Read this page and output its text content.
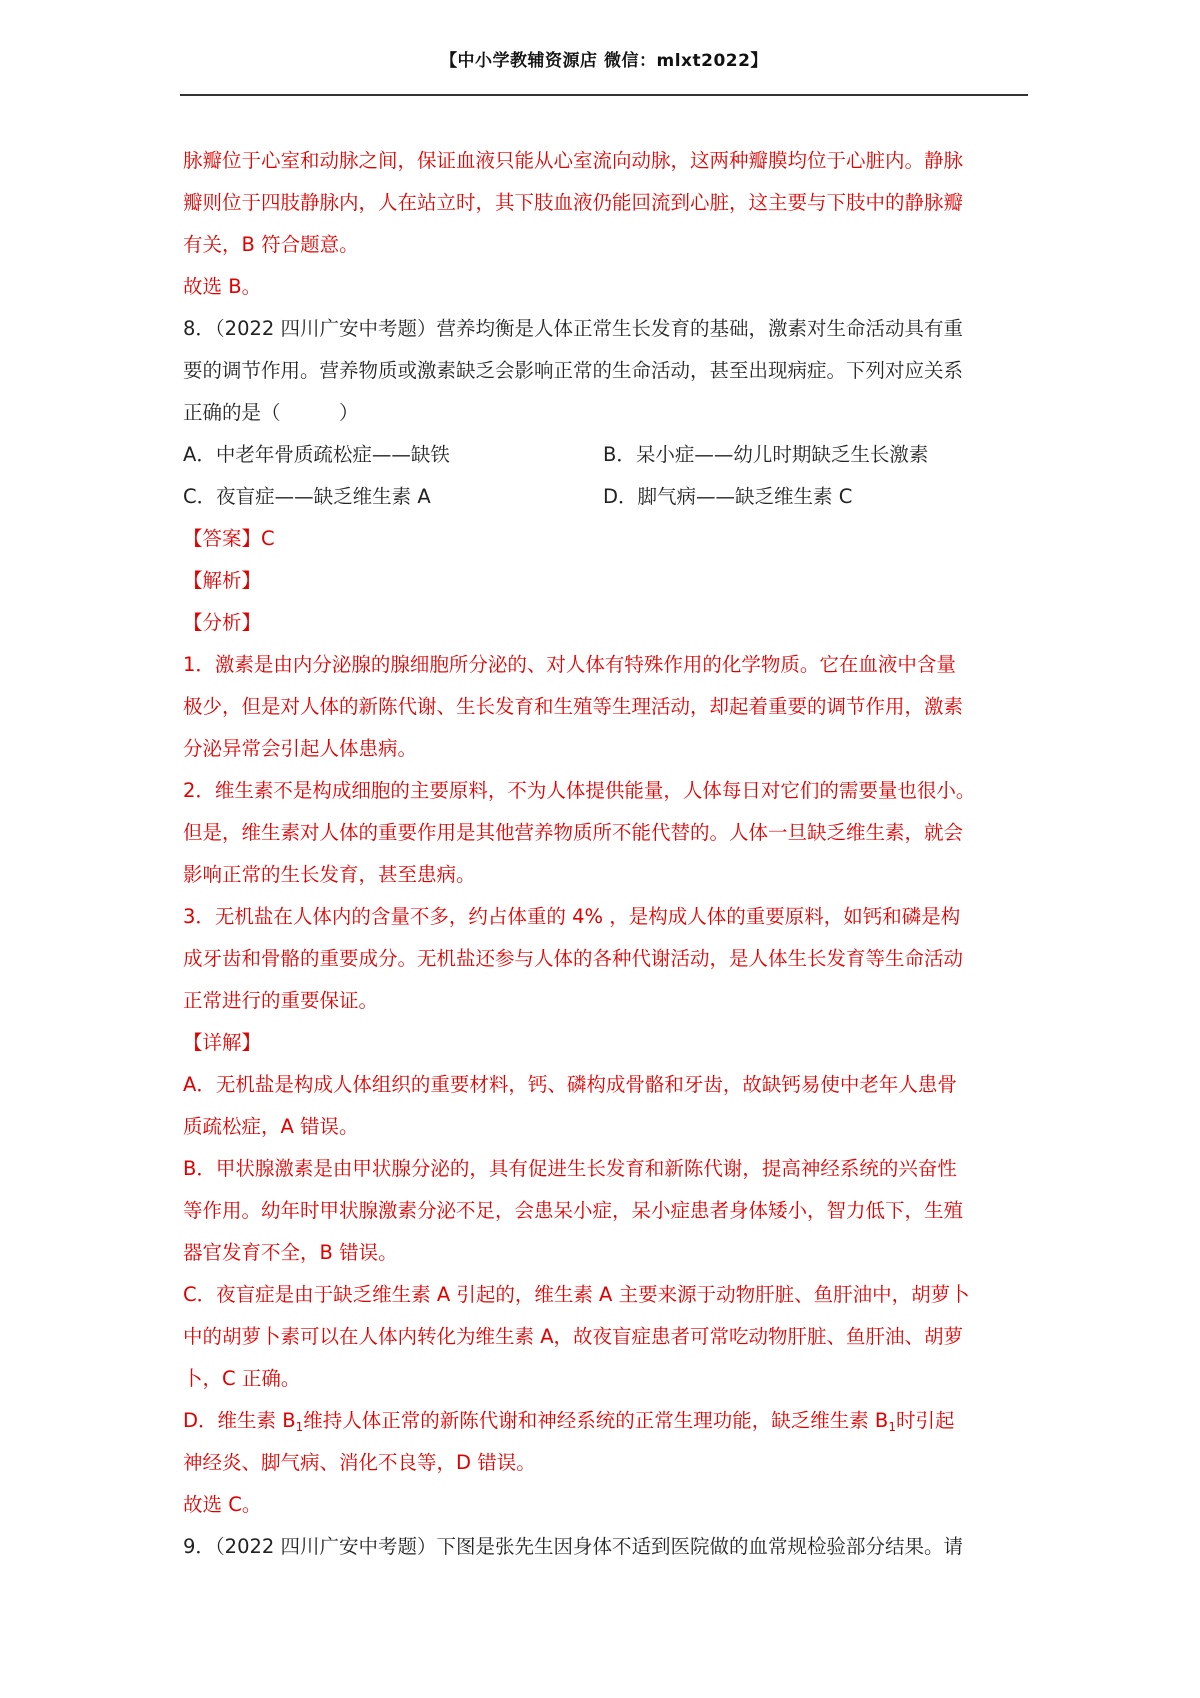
【中小学教辅资源店 微信：mlxt2022】
脉瓣位于心室和动脉之间，保证血液只能从心室流向动脉，这两种瓣膜均位于心脏内。静脉
瓣则位于四肢静脉内，人在站立时，其下肢血液仍能回流到心脏，这主要与下肢中的静脉瓣
有关，B 符合题意。
故选 B。
8．（2022 四川广安中考题）营养均衡是人体正常生长发育的基础，激素对生命活动具有重
要的调节作用。营养物质或激素缺乏会影响正常的生命活动，甚至出现病症。下列对应关系
正确的是（　　　）
A．中老年骨质疏松症——缺铁	B．呆小症——幼儿时期缺乏生长激素
C．夜盲症——缺乏维生素 A	D．脚气病——缺乏维生素 C
【答案】C
【解析】
【分析】
1．激素是由内分泌腺的腺细胞所分泌的、对人体有特殊作用的化学物质。它在血液中含量
极少，但是对人体的新陈代谢、生长发育和生殖等生理活动，却起着重要的调节作用，激素
分泌异常会引起人体患病。
2．维生素不是构成细胞的主要原料，不为人体提供能量，人体每日对它们的需要量也很小。
但是，维生素对人体的重要作用是其他营养物质所不能代替的。人体一旦缺乏维生素，就会
影响正常的生长发育，甚至患病。
3．无机盐在人体内的含量不多，约占体重的 4% ，是构成人体的重要原料，如钙和磷是构
成牙齿和骨骼的重要成分。无机盐还参与人体的各种代谢活动，是人体生长发育等生命活动
正常进行的重要保证。
【详解】
A．无机盐是构成人体组织的重要材料，钙、磷构成骨骼和牙齿，故缺钙易使中老年人患骨
质疏松症，A 错误。
B．甲状腺激素是由甲状腺分泌的，具有促进生长发育和新陈代谢，提高神经系统的兴奋性
等作用。幼年时甲状腺激素分泌不足，会患呆小症，呆小症患者身体矮小，智力低下，生殖
器官发育不全，B 错误。
C．夜盲症是由于缺乏维生素 A 引起的，维生素 A 主要来源于动物肝脏、鱼肝油中，胡萝卜
中的胡萝卜素可以在人体内转化为维生素 A，故夜盲症患者可常吃动物肝脏、鱼肝油、胡萝
卜，C 正确。
D．维生素 $B_1$维持人体正常的新陈代谢和神经系统的正常生理功能，缺乏维生素 $B_1$时引起
神经炎、脚气病、消化不良等，D 错误。
故选 C。
9．（2022 四川广安中考题）下图是张先生因身体不适到医院做的血常规检验部分结果。请
